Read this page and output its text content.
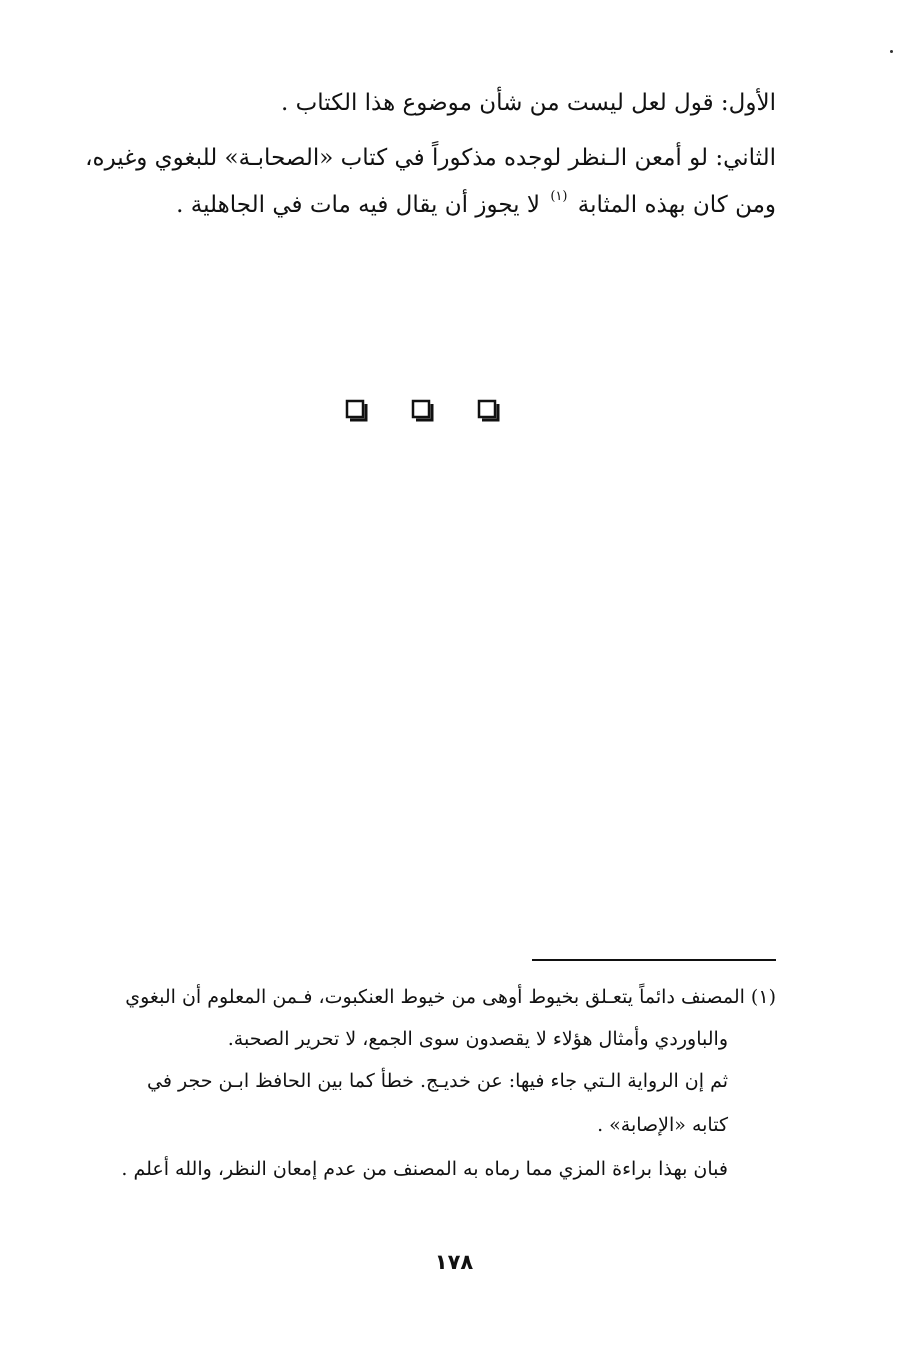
الأول: قول لعل ليست من شأن موضوع هذا الكتاب .
الثاني: لو أمعن الـنظر لوجده مذكوراً في كتاب «الصحابـة» للبغوي وغيره،
ومن كان بهذه المثابة $^{(١)}$ لا يجوز أن يقال فيه مات في الجاهلية .
(١) المصنف دائماً يتعـلق بخيوط أوهى من خيوط العنكبوت، فـمن المعلوم أن البغوي
والباوردي وأمثال هؤلاء لا يقصدون سوى الجمع، لا تحرير الصحبة.
ثم إن الرواية الـتي جاء فيها: عن خديـج. خطأ كما بين الحافظ ابـن حجر في
كتابه «الإصابة» .
فبان بهذا براءة المزي مما رماه به المصنف من عدم إمعان النظر، والله أعلم .
١٧٨
